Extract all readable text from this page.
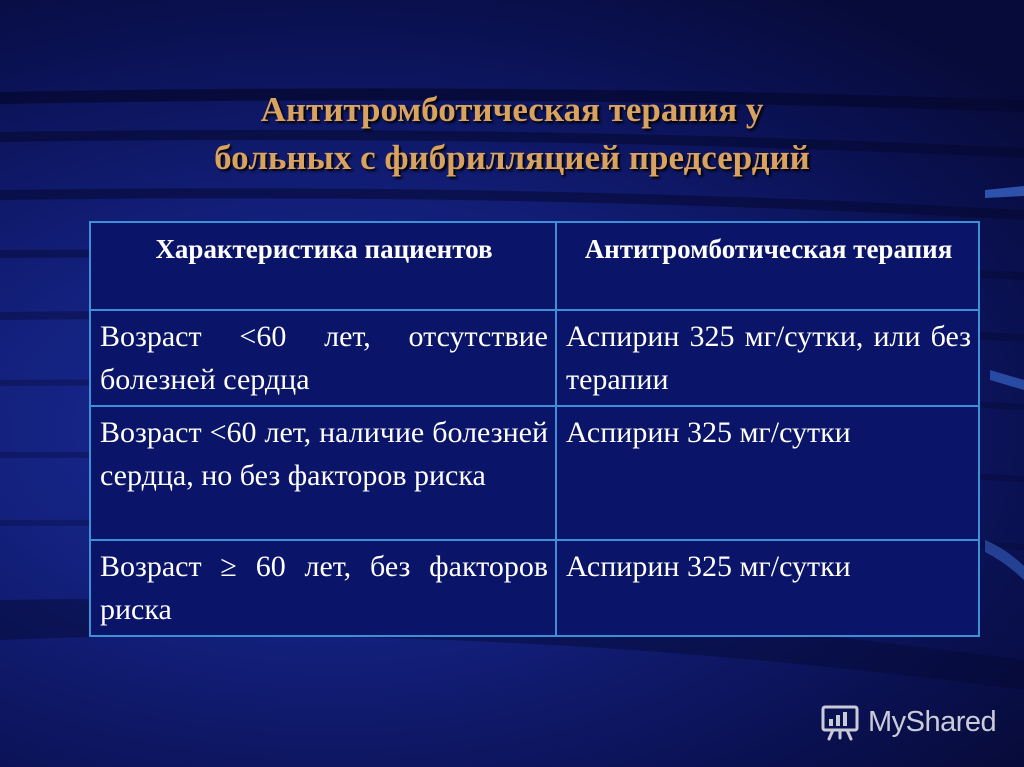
Антитромботическая терапия у
больных с фибрилляцией предсердий
Характеристика пациентов	Антитромботическая терапия
Возраст <60 лет, отсутствие болезней сердца	Аспирин 325 мг/сутки, или без терапии
Возраст <60 лет, наличие болезней сердца, но без факторов риска	Аспирин 325 мг/сутки
Возраст ≥ 60 лет, без факторов риска	Аспирин 325 мг/сутки
MyShared
